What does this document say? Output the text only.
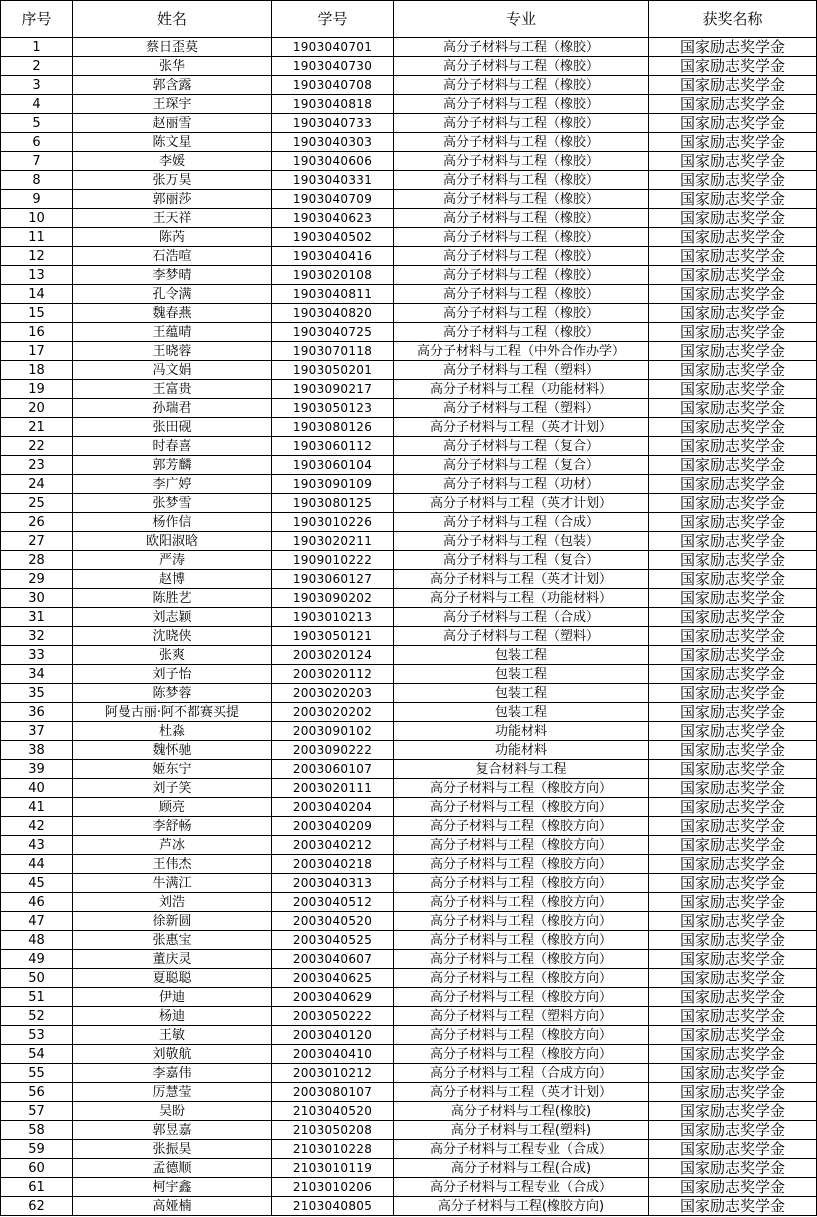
序号	姓名	学号	专业	获奖名称
1	蔡日歪莫	1903040701	高分子材料与工程（橡胶）	国家励志奖学金
2	张华	1903040730	高分子材料与工程（橡胶）	国家励志奖学金
3	郭含露	1903040708	高分子材料与工程（橡胶）	国家励志奖学金
4	王琛宇	1903040818	高分子材料与工程（橡胶）	国家励志奖学金
5	赵丽雪	1903040733	高分子材料与工程（橡胶）	国家励志奖学金
6	陈文星	1903040303	高分子材料与工程（橡胶）	国家励志奖学金
7	李媛	1903040606	高分子材料与工程（橡胶）	国家励志奖学金
8	张万昊	1903040331	高分子材料与工程（橡胶）	国家励志奖学金
9	郭丽莎	1903040709	高分子材料与工程（橡胶）	国家励志奖学金
10	王天祥	1903040623	高分子材料与工程（橡胶）	国家励志奖学金
11	陈芮	1903040502	高分子材料与工程（橡胶）	国家励志奖学金
12	石浩喧	1903040416	高分子材料与工程（橡胶）	国家励志奖学金
13	李梦晴	1903020108	高分子材料与工程（橡胶）	国家励志奖学金
14	孔令满	1903040811	高分子材料与工程（橡胶）	国家励志奖学金
15	魏春燕	1903040820	高分子材料与工程（橡胶）	国家励志奖学金
16	王蕴晴	1903040725	高分子材料与工程（橡胶）	国家励志奖学金
17	王晓蓉	1903070118	高分子材料与工程（中外合作办学）	国家励志奖学金
18	冯文娟	1903050201	高分子材料与工程（塑料）	国家励志奖学金
19	王富贵	1903090217	高分子材料与工程（功能材料）	国家励志奖学金
20	孙瑞君	1903050123	高分子材料与工程（塑料）	国家励志奖学金
21	张田砚	1903080126	高分子材料与工程（英才计划）	国家励志奖学金
22	时春喜	1903060112	高分子材料与工程（复合）	国家励志奖学金
23	郭芳麟	1903060104	高分子材料与工程（复合）	国家励志奖学金
24	李广婷	1903090109	高分子材料与工程（功材）	国家励志奖学金
25	张梦雪	1903080125	高分子材料与工程（英才计划）	国家励志奖学金
26	杨作信	1903010226	高分子材料与工程（合成）	国家励志奖学金
27	欧阳淑晗	1903020211	高分子材料与工程（包装）	国家励志奖学金
28	严涛	1909010222	高分子材料与工程（复合）	国家励志奖学金
29	赵博	1903060127	高分子材料与工程（英才计划）	国家励志奖学金
30	陈胜艺	1903090202	高分子材料与工程（功能材料）	国家励志奖学金
31	刘志颖	1903010213	高分子材料与工程（合成）	国家励志奖学金
32	沈晓侠	1903050121	高分子材料与工程（塑料）	国家励志奖学金
33	张爽	2003020124	包装工程	国家励志奖学金
34	刘子怡	2003020112	包装工程	国家励志奖学金
35	陈梦蓉	2003020203	包装工程	国家励志奖学金
36	阿曼古丽·阿不都赛买提	2003020202	包装工程	国家励志奖学金
37	杜淼	2003090102	功能材料	国家励志奖学金
38	魏怀驰	2003090222	功能材料	国家励志奖学金
39	姬东宁	2003060107	复合材料与工程	国家励志奖学金
40	刘子笑	2003020111	高分子材料与工程（橡胶方向）	国家励志奖学金
41	顾亮	2003040204	高分子材料与工程（橡胶方向）	国家励志奖学金
42	李舒畅	2003040209	高分子材料与工程（橡胶方向）	国家励志奖学金
43	芦冰	2003040212	高分子材料与工程（橡胶方向）	国家励志奖学金
44	王伟杰	2003040218	高分子材料与工程（橡胶方向）	国家励志奖学金
45	牛满江	2003040313	高分子材料与工程（橡胶方向）	国家励志奖学金
46	刘浩	2003040512	高分子材料与工程（橡胶方向）	国家励志奖学金
47	徐新圆	2003040520	高分子材料与工程（橡胶方向）	国家励志奖学金
48	张惠宝	2003040525	高分子材料与工程（橡胶方向）	国家励志奖学金
49	董庆灵	2003040607	高分子材料与工程（橡胶方向）	国家励志奖学金
50	夏聪聪	2003040625	高分子材料与工程（橡胶方向）	国家励志奖学金
51	伊迪	2003040629	高分子材料与工程（橡胶方向）	国家励志奖学金
52	杨迪	2003050222	高分子材料与工程（塑料方向）	国家励志奖学金
53	王敏	2003040120	高分子材料与工程（橡胶方向）	国家励志奖学金
54	刘敬航	2003040410	高分子材料与工程（橡胶方向）	国家励志奖学金
55	李嘉伟	2003010212	高分子材料与工程（合成方向）	国家励志奖学金
56	厉慧莹	2003080107	高分子材料与工程（英才计划）	国家励志奖学金
57	吴盼	2103040520	高分子材料与工程(橡胶)	国家励志奖学金
58	郭昱嘉	2103050208	高分子材料与工程(塑料)	国家励志奖学金
59	张振昊	2103010228	高分子材料与工程专业（合成）	国家励志奖学金
60	孟德顺	2103010119	高分子材料与工程(合成)	国家励志奖学金
61	柯宇鑫	2103010206	高分子材料与工程专业（合成）	国家励志奖学金
62	高娅楠	2103040805	高分子材料与工程(橡胶方向)	国家励志奖学金
